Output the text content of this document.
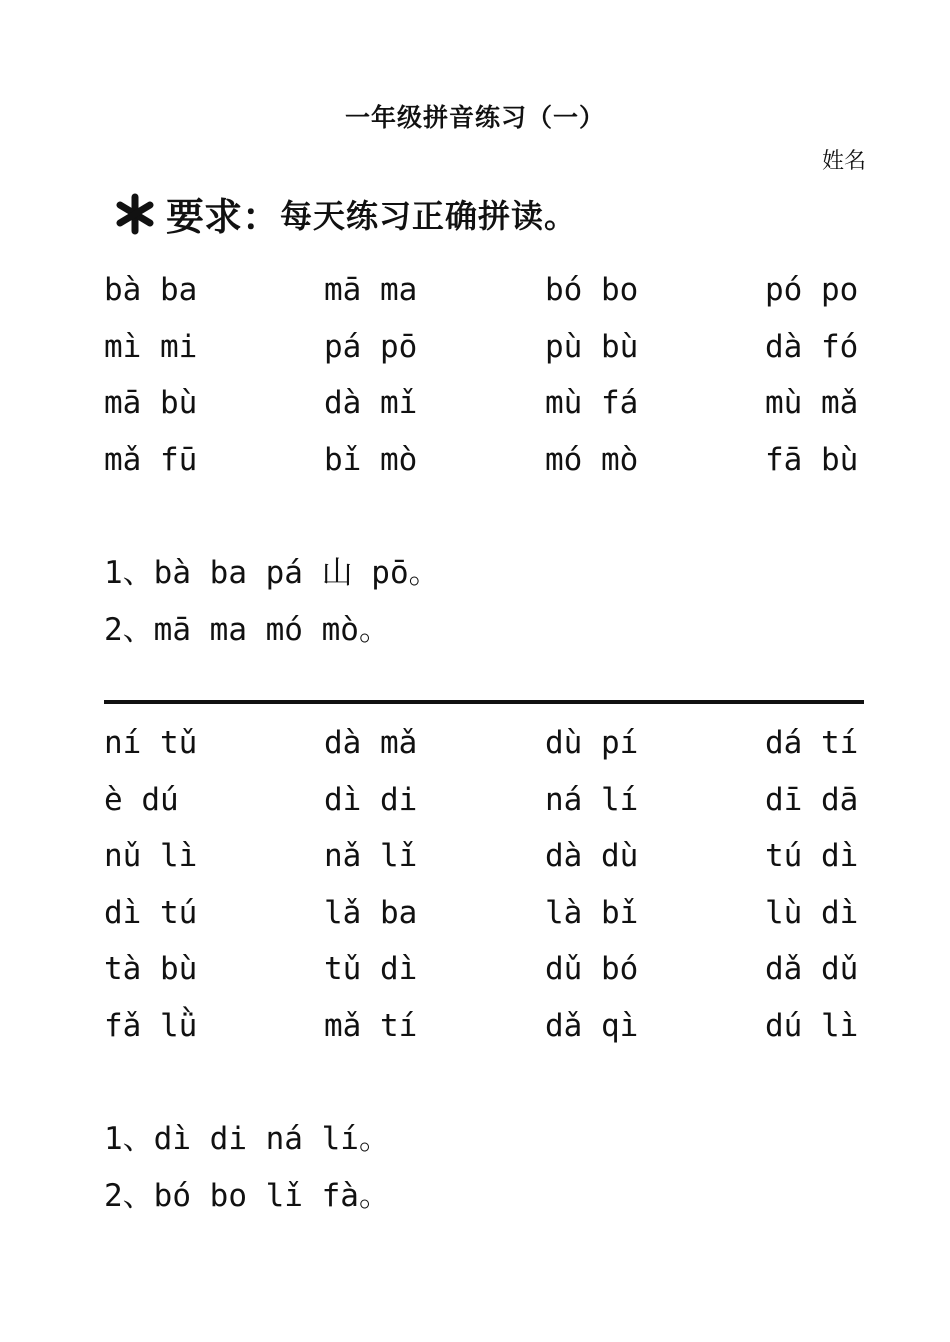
一年级拼音练习（一）
姓名
要求： 每天练习正确拼读。
bà ba	mā ma	bó bo	pó po
mì mi	pá pō	pù bù	dà fó
mā bù	dà mǐ	mù fá	mù mǎ
mǎ fū	bǐ mò	mó mò	fā bù
1、bà ba pá 山 pō。
2、mā ma mó mò。
ní tǔ	dà mǎ	dù pí	dá tí
è dú	dì di	ná lí	dī dā
nǔ lì	nǎ lǐ	dà dù	tú dì
dì tú	lǎ ba	là bǐ	lù dì
tà bù	tǔ dì	dǔ bó	dǎ dǔ
fǎ lǜ	mǎ tí	dǎ qì	dú lì
1、dì di ná lí。
2、bó bo lǐ fà。
